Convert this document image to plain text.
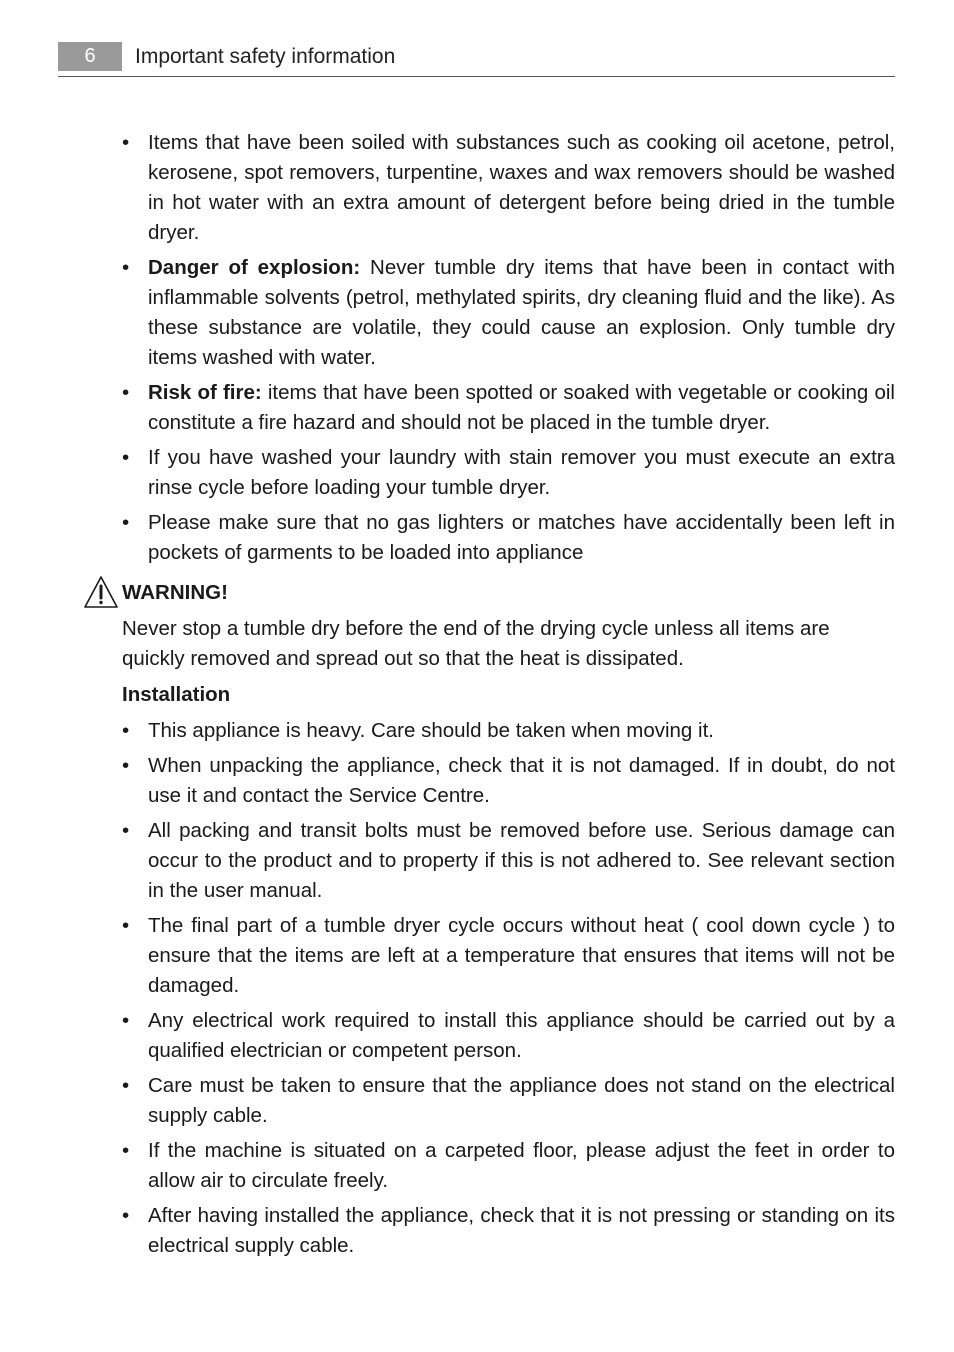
6	Important safety information
• Items that have been soiled with substances such as cooking oil acetone, petrol, kerosene, spot removers, turpentine, waxes and wax removers should be washed in hot water with an extra amount of detergent before being dried in the tumble dryer.
• Danger of explosion: Never tumble dry items that have been in contact with inflammable solvents (petrol, methylated spirits, dry cleaning fluid and the like). As these substance are volatile, they could cause an explosion. Only tumble dry items washed with water.
• Risk of fire: items that have been spotted or soaked with vegetable or cooking oil constitute a fire hazard and should not be placed in the tumble dryer.
• If you have washed your laundry with stain remover you must execute an extra rinse cycle before loading your tumble dryer.
• Please make sure that no gas lighters or matches have accidentally been left in pockets of garments to be loaded into appliance
WARNING!
Never stop a tumble dry before the end of the drying cycle unless all items are quickly removed and spread out so that the heat is dissipated.
Installation
• This appliance is heavy. Care should be taken when moving it.
• When unpacking the appliance, check that it is not damaged. If in doubt, do not use it and contact the Service Centre.
• All packing and transit bolts must be removed before use. Serious damage can occur to the product and to property if this is not adhered to. See relevant section in the user manual.
• The final part of a tumble dryer cycle occurs without heat ( cool down cycle ) to ensure that the items are left at a temperature that ensures that items will not be damaged.
• Any electrical work required to install this appliance should be carried out by a qualified electrician or competent person.
• Care must be taken to ensure that the appliance does not stand on the electrical supply cable.
• If the machine is situated on a carpeted floor, please adjust the feet in order to allow air to circulate freely.
• After having installed the appliance, check that it is not pressing or standing on its electrical supply cable.
